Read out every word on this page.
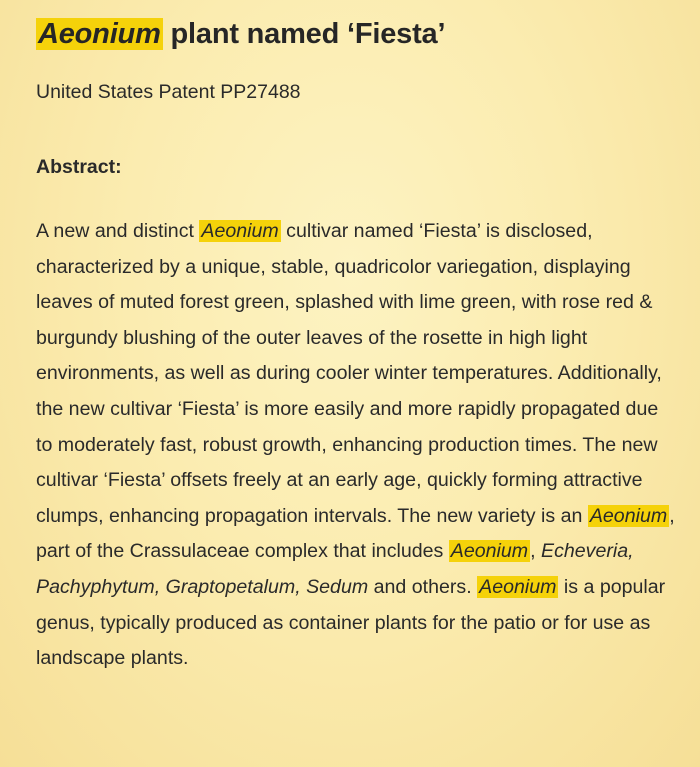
Aeonium plant named ‘Fiesta’

United States Patent PP27488

Abstract:

A new and distinct Aeonium cultivar named ‘Fiesta’ is disclosed, characterized by a unique, stable, quadricolor variegation, displaying leaves of muted forest green, splashed with lime green, with rose red & burgundy blushing of the outer leaves of the rosette in high light environments, as well as during cooler winter temperatures. Additionally, the new cultivar ‘Fiesta’ is more easily and more rapidly propagated due to moderately fast, robust growth, enhancing production times. The new cultivar ‘Fiesta’ offsets freely at an early age, quickly forming attractive clumps, enhancing propagation intervals. The new variety is an Aeonium , part of the Crassulaceae complex that includes Aeonium , Echeveria, Pachyphytum, Graptopetalum, Sedum and others. Aeonium is a popular genus, typically produced as container plants for the patio or for use as landscape plants.
